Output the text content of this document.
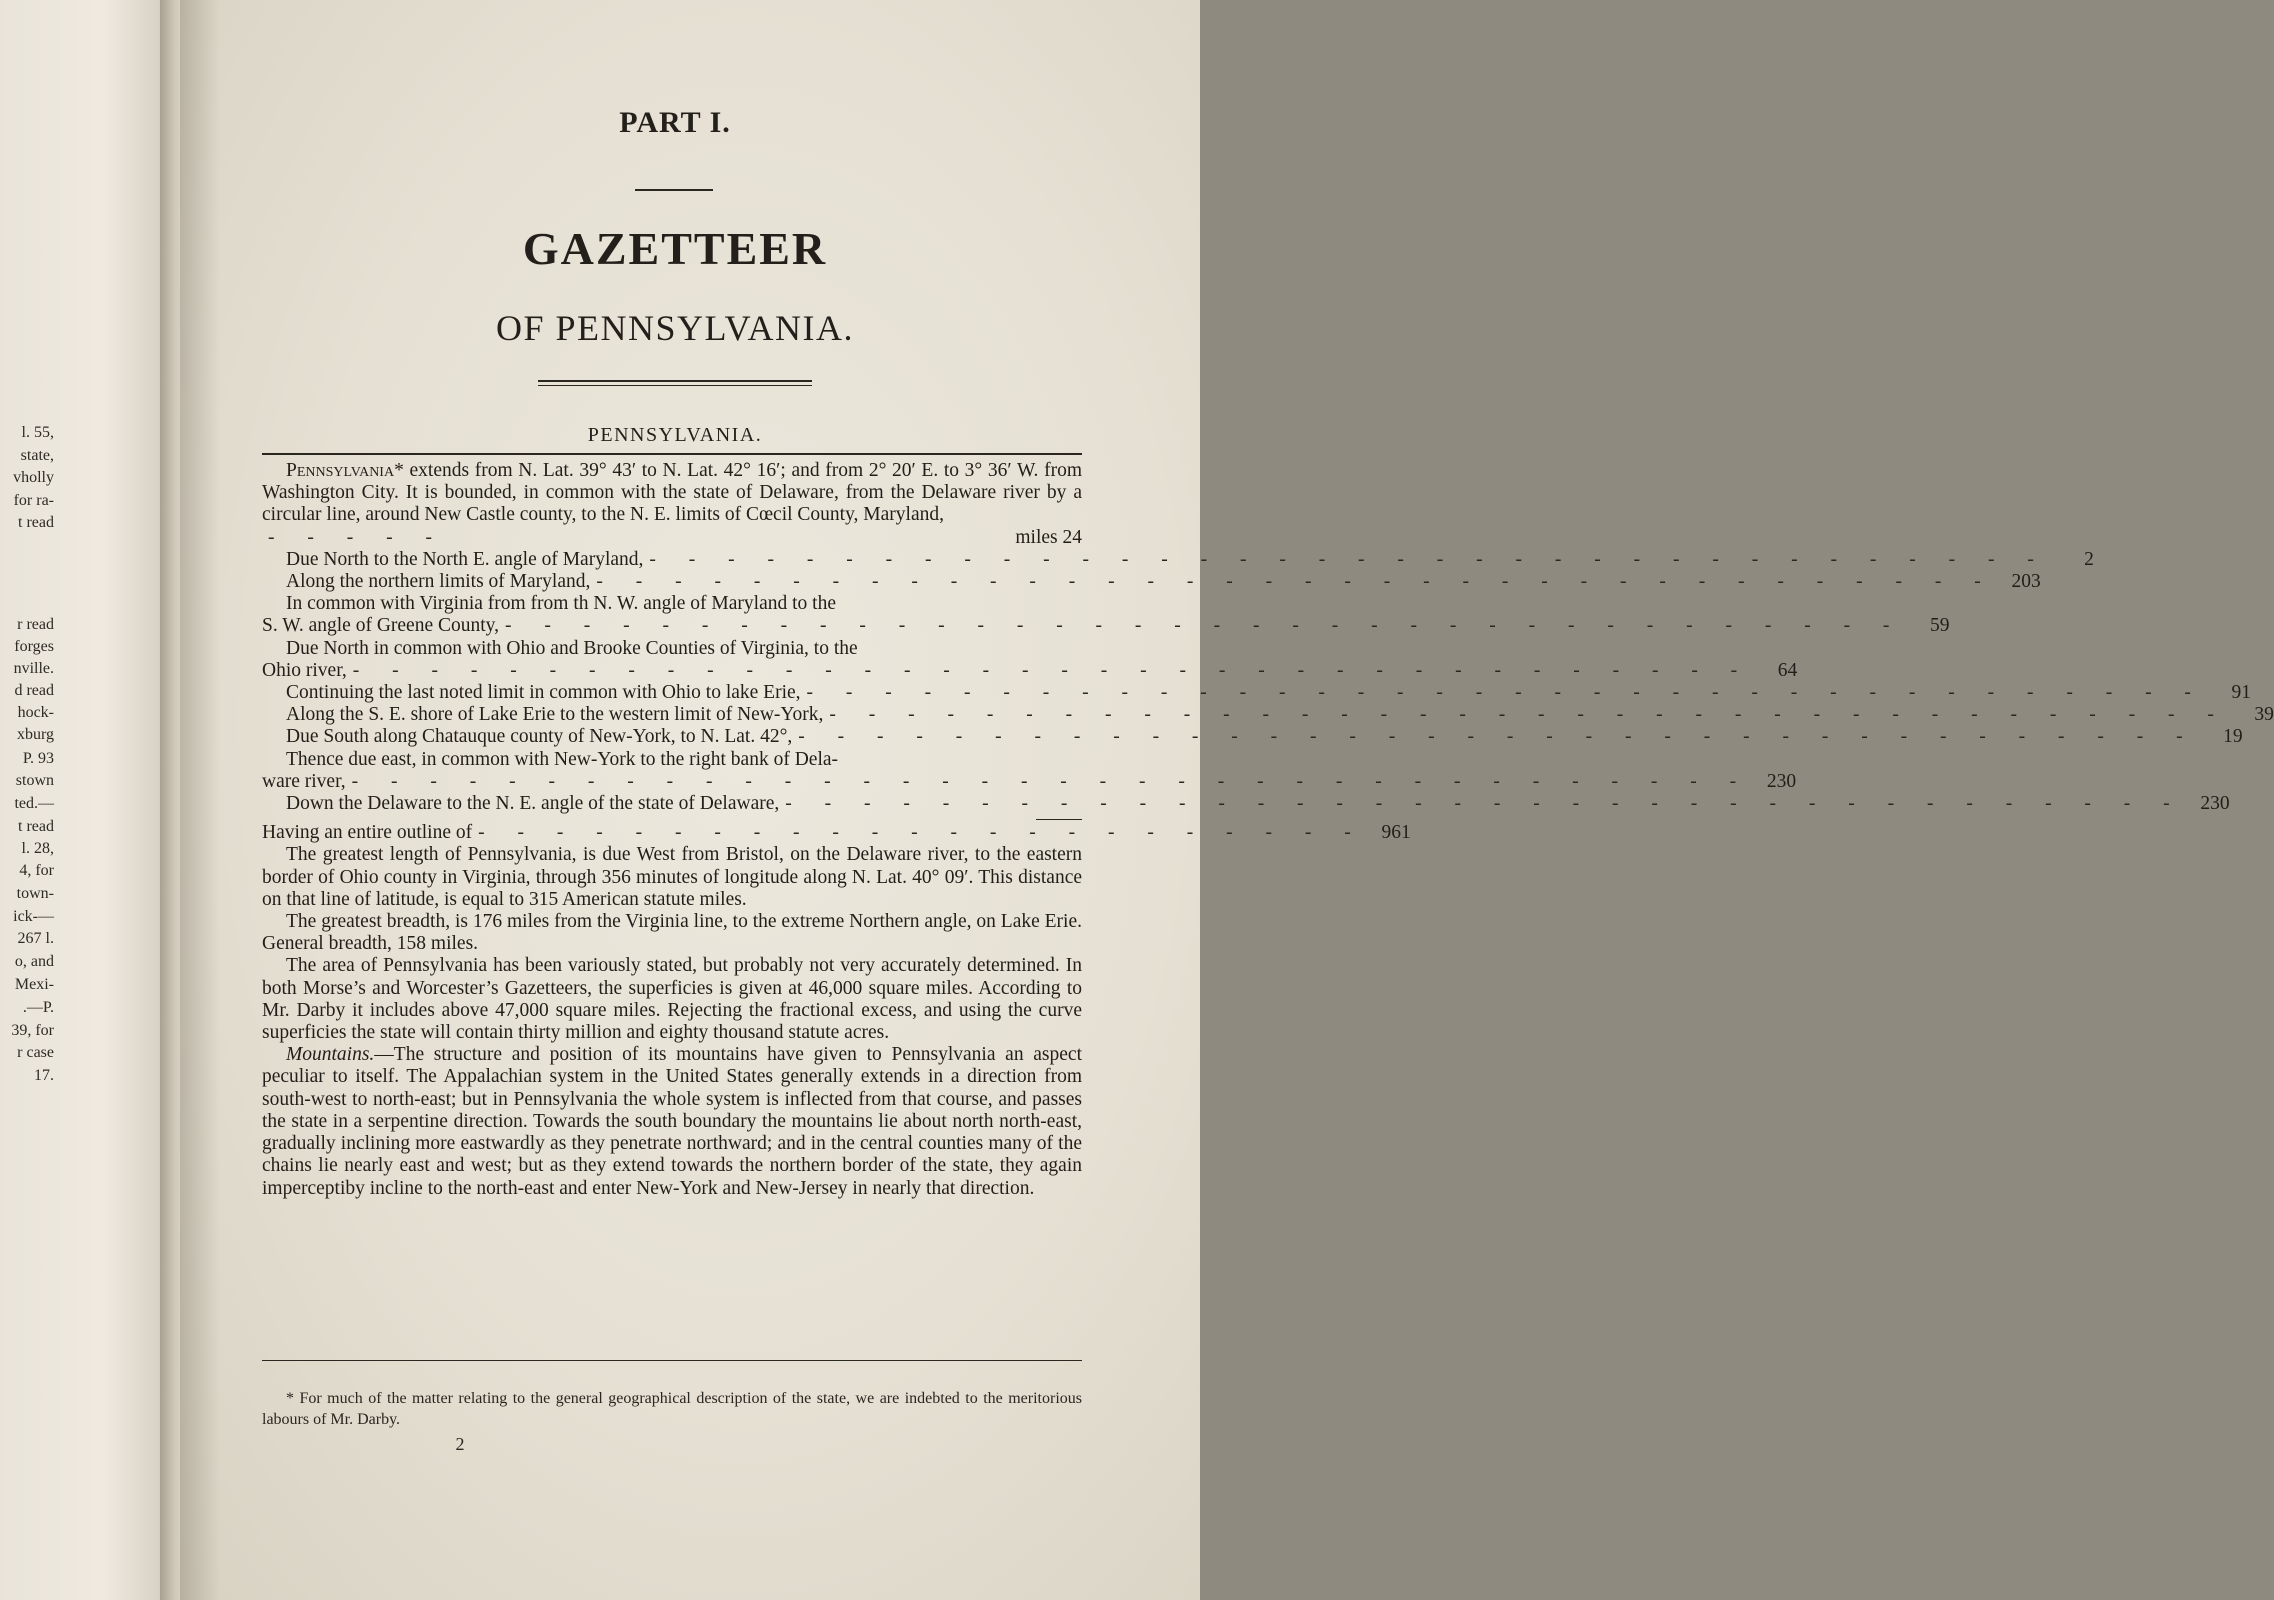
l. 55,
state,
vholly
for ra-
t read
r read
forges
nville.
d read
hock-
xburg
P. 93
stown
ted.—
t read
l. 28,
4, for
town-
ick-—
267 l.
o, and
Mexi-
.—P.
39, for
r case
17.
PART I.
GAZETTEER
OF PENNSYLVANIA.
PENNSYLVANIA.

Pennsylvania* extends from N. Lat. 39° 43′ to N. Lat. 42° 16′; and from 2° 20′ E. to 3° 36′ W. from Washington City. It is bounded, in common with the state of Delaware, from the Delaware river by a circular line, around New Castle county, to the N. E. limits of Cœcil County, Maryland,

- - - - -	miles 24
Due North to the North E. angle of Maryland, - - - - - - - - - - - - - - - - - - - - - - - - - - - - - - - - - - - -	2
Along the northern limits of Maryland, - - - - - - - - - - - - - - - - - - - - - - - - - - - - - - - - - - - - 203
In common with Virginia from from th N. W. angle of Maryland to the
S. W. angle of Greene County, - - - - - - - - - - - - - - - - - - - - - - - - - - - - - - - - - - - -	59
Due North in common with Ohio and Brooke Counties of Virginia, to the
Ohio river, - - - - - - - - - - - - - - - - - - - - - - - - - - - - - - - - - - - -	64
Continuing the last noted limit in common with Ohio to lake Erie, - - - - - - - - - - - - - - - - - - - - - - - - - - - - - - - - - - - -	91
Along the S. E. shore of Lake Erie to the western limit of New-York, - - - - - - - - - - - - - - - - - - - - - - - - - - - - - - - - - - - -	39
Due South along Chatauque county of New-York, to N. Lat. 42°, - - - - - - - - - - - - - - - - - - - - - - - - - - - - - - - - - - - -	19
Thence due east, in common with New-York to the right bank of Dela-
ware river, - - - - - - - - - - - - - - - - - - - - - - - - - - - - - - - - - - - - 230
Down the Delaware to the N. E. angle of the state of Delaware, - - - - - - - - - - - - - - - - - - - - - - - - - - - - - - - - - - - - 230
Having an entire outline of - - - - - - - - - - - - - - - - - - - - - - - 961

The greatest length of Pennsylvania, is due West from Bristol, on the Delaware river, to the eastern border of Ohio county in Virginia, through 356 minutes of longitude along N. Lat. 40° 09′. This distance on that line of latitude, is equal to 315 American statute miles.

The greatest breadth, is 176 miles from the Virginia line, to the extreme Northern angle, on Lake Erie. General breadth, 158 miles.

The area of Pennsylvania has been variously stated, but probably not very accurately determined. In both Morse’s and Worcester’s Gazetteers, the superficies is given at 46,000 square miles. According to Mr. Darby it includes above 47,000 square miles. Rejecting the fractional excess, and using the curve superficies the state will contain thirty million and eighty thousand statute acres.

Mountains.—The structure and position of its mountains have given to Pennsylvania an aspect peculiar to itself. The Appalachian system in the United States generally extends in a direction from south-west to north-east; but in Pennsylvania the whole system is inflected from that course, and passes the state in a serpentine direction. Towards the south boundary the mountains lie about north north-east, gradually inclining more eastwardly as they penetrate northward; and in the central counties many of the chains lie nearly east and west; but as they extend towards the northern border of the state, they again imperceptiby incline to the north-east and enter New-York and New-Jersey in nearly that direction.

* For much of the matter relating to the general geographical description of the state, we are indebted to the meritorious labours of Mr. Darby.

2
